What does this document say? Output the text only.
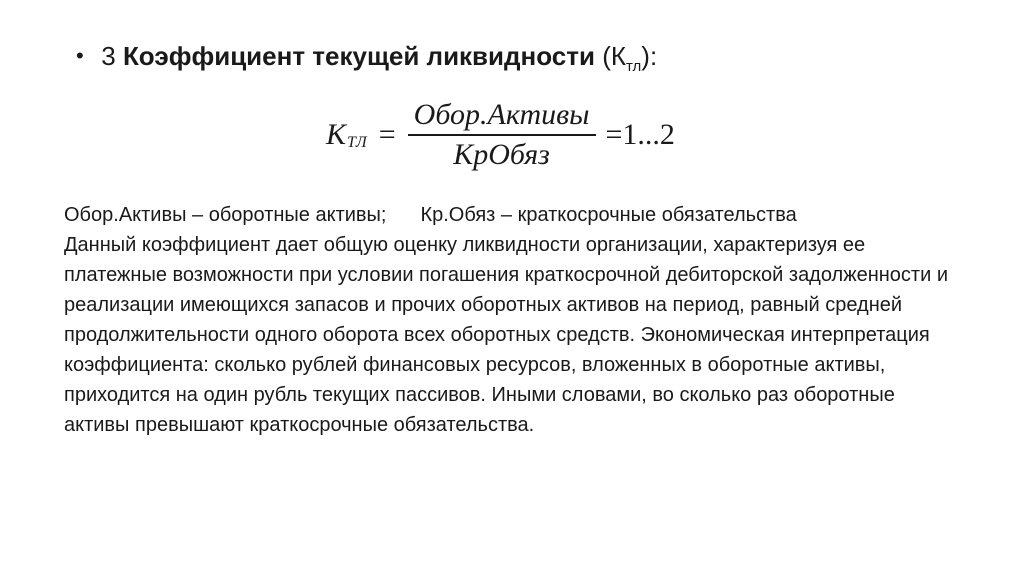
• 3 Коэффициент текущей ликвидности $(К_{тл})$:
K ТЛ = $\frac{\text{Обор.Активы}}{\text{КрОбяз}} =1...2$

Обор.Активы – оборотные активы; Кр.Обяз – краткосрочные обязательства

Данный коэффициент дает общую оценку ликвидности организации, характеризуя ее платежные возможности при условии погашения краткосрочной дебиторской задолженности и реализации имеющихся запасов и прочих оборотных активов на период, равный средней продолжительности одного оборота всех оборотных средств. Экономическая интерпретация коэффициента: сколько рублей финансовых ресурсов, вложенных в оборотные активы, приходится на один рубль текущих пассивов. Иными словами, во сколько раз оборотные активы превышают краткосрочные обязательства.
